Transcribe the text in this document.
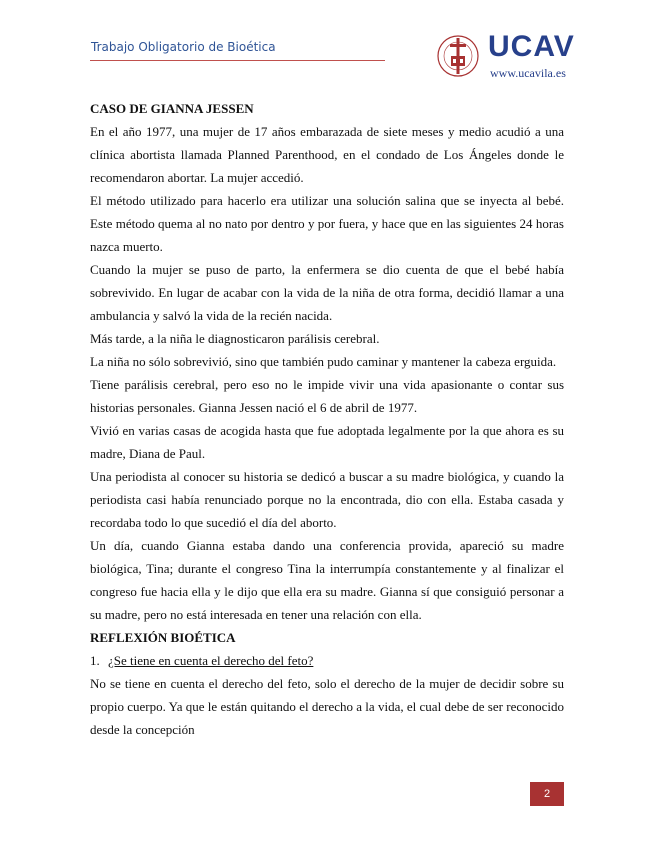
Trabajo Obligatorio de Bioética	UCAV
www.ucavila.es

CASO DE GIANNA JESSEN

En el año 1977, una mujer de 17 años embarazada de siete meses y medio acudió a una clínica abortista llamada Planned Parenthood, en el condado de Los Ángeles donde le recomendaron abortar. La mujer accedió.

El método utilizado para hacerlo era utilizar una solución salina que se inyecta al bebé. Este método quema al no nato por dentro y por fuera, y hace que en las siguientes 24 horas nazca muerto.

Cuando la mujer se puso de parto, la enfermera se dio cuenta de que el bebé había sobrevivido. En lugar de acabar con la vida de la niña de otra forma, decidió llamar a una ambulancia y salvó la vida de la recién nacida.

Más tarde, a la niña le diagnosticaron parálisis cerebral.

La niña no sólo sobrevivió, sino que también pudo caminar y mantener la cabeza erguida.

Tiene parálisis cerebral, pero eso no le impide vivir una vida apasionante o contar sus historias personales. Gianna Jessen nació el 6 de abril de 1977.

Vivió en varias casas de acogida hasta que fue adoptada legalmente por la que ahora es su madre, Diana de Paul.

Una periodista al conocer su historia se dedicó a buscar a su madre biológica, y cuando la periodista casi había renunciado porque no la encontrada, dio con ella. Estaba casada y recordaba todo lo que sucedió el día del aborto.

Un día, cuando Gianna estaba dando una conferencia provida, apareció su madre biológica, Tina; durante el congreso Tina la interrumpía constantemente y al finalizar el congreso fue hacia ella y le dijo que ella era su madre. Gianna sí que consiguió personar a su madre, pero no está interesada en tener una relación con ella.

REFLEXIÓN BIOÉTICA

1. ¿Se tiene en cuenta el derecho del feto?

No se tiene en cuenta el derecho del feto, solo el derecho de la mujer de decidir sobre su propio cuerpo. Ya que le están quitando el derecho a la vida, el cual debe de ser reconocido desde la concepción

2
